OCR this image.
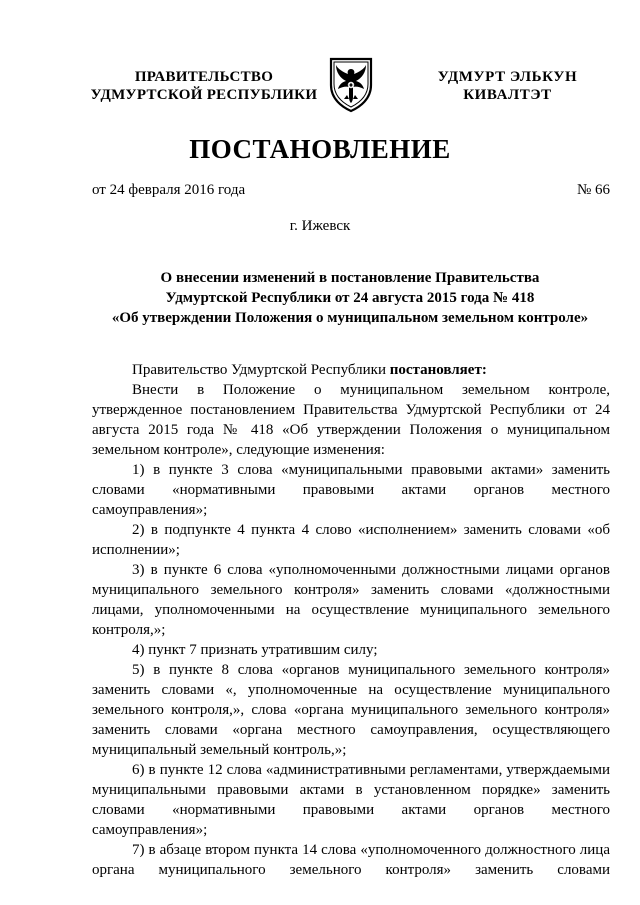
ПРАВИТЕЛЬСТВО
УДМУРТСКОЙ РЕСПУБЛИКИ
УДМУРТ ЭЛЬКУН
КИВАЛТЭТ
ПОСТАНОВЛЕНИЕ
от 24 февраля 2016 года	№ 66
г. Ижевск
О внесении изменений в постановление Правительства
Удмуртской Республики от 24 августа 2015 года № 418
«Об утверждении Положения о муниципальном земельном контроле»

Правительство Удмуртской Республики постановляет:

Внести в Положение о муниципальном земельном контроле, утвержденное постановлением Правительства Удмуртской Республики от 24 августа 2015 года № 418 «Об утверждении Положения о муниципальном земельном контроле», следующие изменения:

1) в пункте 3 слова «муниципальными правовыми актами» заменить словами «нормативными правовыми актами органов местного самоуправления»;

2) в подпункте 4 пункта 4 слово «исполнением» заменить словами «об исполнении»;

3) в пункте 6 слова «уполномоченными должностными лицами органов муниципального земельного контроля» заменить словами «должностными лицами, уполномоченными на осуществление муниципального земельного контроля,»;

4) пункт 7 признать утратившим силу;

5) в пункте 8 слова «органов муниципального земельного контроля» заменить словами «, уполномоченные на осуществление муниципального земельного контроля,», слова «органа муниципального земельного контроля» заменить словами «органа местного самоуправления, осуществляющего муниципальный земельный контроль,»;

6) в пункте 12 слова «административными регламентами, утверждаемыми муниципальными правовыми актами в установленном порядке» заменить словами «нормативными правовыми актами органов местного самоуправления»;

7) в абзаце втором пункта 14 слова «уполномоченного должностного лица органа муниципального земельного контроля» заменить словами
